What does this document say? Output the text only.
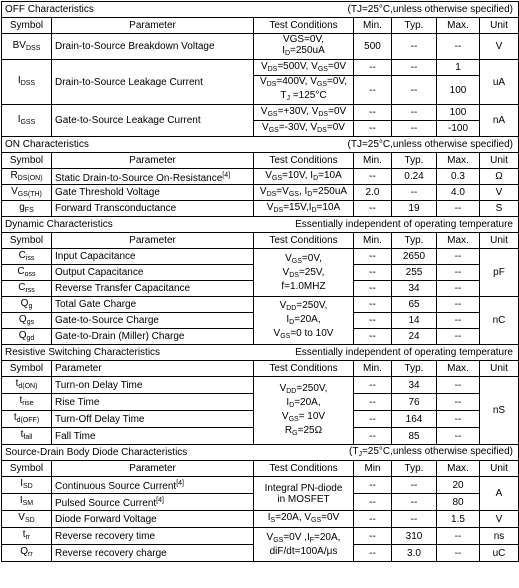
OFF Characteristics (TJ=25°C,unless otherwise specified)						

Symbol	Parameter	Test Conditions	Min.	Typ.	Max.	Unit
$BV_{DSS}$	Drain-to-Source Breakdown Voltage	VGS=0V,
$I_D=250uA$	500	--	--	V
$I_{DSS}$	Drain-to-Source Leakage Current	$V_{DS}=500V$, $V_{GS}=0V$	--	--	1	uA

		$V_{DS}=400V$, $V_{GS}=0V$,
$T_J =125^\circ C$	--	--	100	
$I_{GSS}$	Gate-to-Source Leakage Current	$V_{GS}=+30V$, $V_{DS}=0V$	--	--	100	nA
		$V_{GS}=-30V$, $V_{DS}=0V$	--	--	-100	

ON Characteristics (TJ=25°C,unless otherwise specified)						

Symbol	Parameter	Test Conditions	Min.	Typ.	Max.	Unit
$R_{DS(ON)}$	Static Drain-to-Source On-Resistance[4]	$V_{GS}=10V$, $I_D=10A$	--	0.24	0.3	Ω
$V_{GS(TH)}$	Gate Threshold Voltage	$V_{DS}=V_{GS}$, $I_D=250uA$	2.0	--	4.0	V
$g_{FS}$	Forward Transconductance	$V_{DS}=15V,I_D=10A$	--	19	--	S

Dynamic Characteristics Essentially independent of operating temperature						

Symbol	Parameter	Test Conditions	Min.	Typ.	Max.	Unit
$C_{iss}$	Input Capacitance	$V_{GS}=0V$,
$V_{DS}=25V$,
f=1.0MHZ	--	2650	--	pF
$C_{oss}$	Output Capacitance		--	255	--	
$C_{rss}$	Reverse Transfer Capacitance		--	34	--	
$Q_g$	Total Gate Charge	$V_{DD}=250V$,
$I_D=20A$,
$V_{GS}=0$ to 10V	--	65	--	nC
$Q_{gs}$	Gate-to-Source Charge		--	14	--	
$Q_{gd}$	Gate-to-Drain (Miller) Charge		--	24	--	

Resistive Switching Characteristics Essentially independent of operating temperature						

Symbol	Parameter	Test Conditions	Min.	Typ.	Max.	Unit
$t_{d(ON)}$	Turn-on Delay Time	$V_{DD}=250V$,
$I_D=20A$,
$V_{GS}= 10V$
$R_G=25\Omega$	--	34	--	nS
$t_{rise}$	Rise Time		--	76	--	
$t_{d(OFF)}$	Turn-Off Delay Time		--	164	--	
$t_{fall}$	Fall Time		--	85	--	

Source-Drain Body Diode Characteristics ($T_J=25^\circ C,unless$ otherwise specified)						

Symbol	Parameter	Test Conditions	Min	Typ.	Max.	Unit
$I_{SD}$	Continuous Source Current[4]	Integral PN-diode
in MOSFET	--	--	20	A
$I_{SM}$	Pulsed Source Current[4]		--	--	80	
$V_{SD}$	Diode Forward Voltage	$I_S=20A$, $V_{GS}=0V$	--	--	1.5	V
$t_{rr}$	Reverse recovery time	$V_{GS}=0V$ $,I_F=20A$,
diF/dt=100A/μs	--	310	--	ns
$Q_{rr}$	Reverse recovery charge		--	3.0	--	uC
